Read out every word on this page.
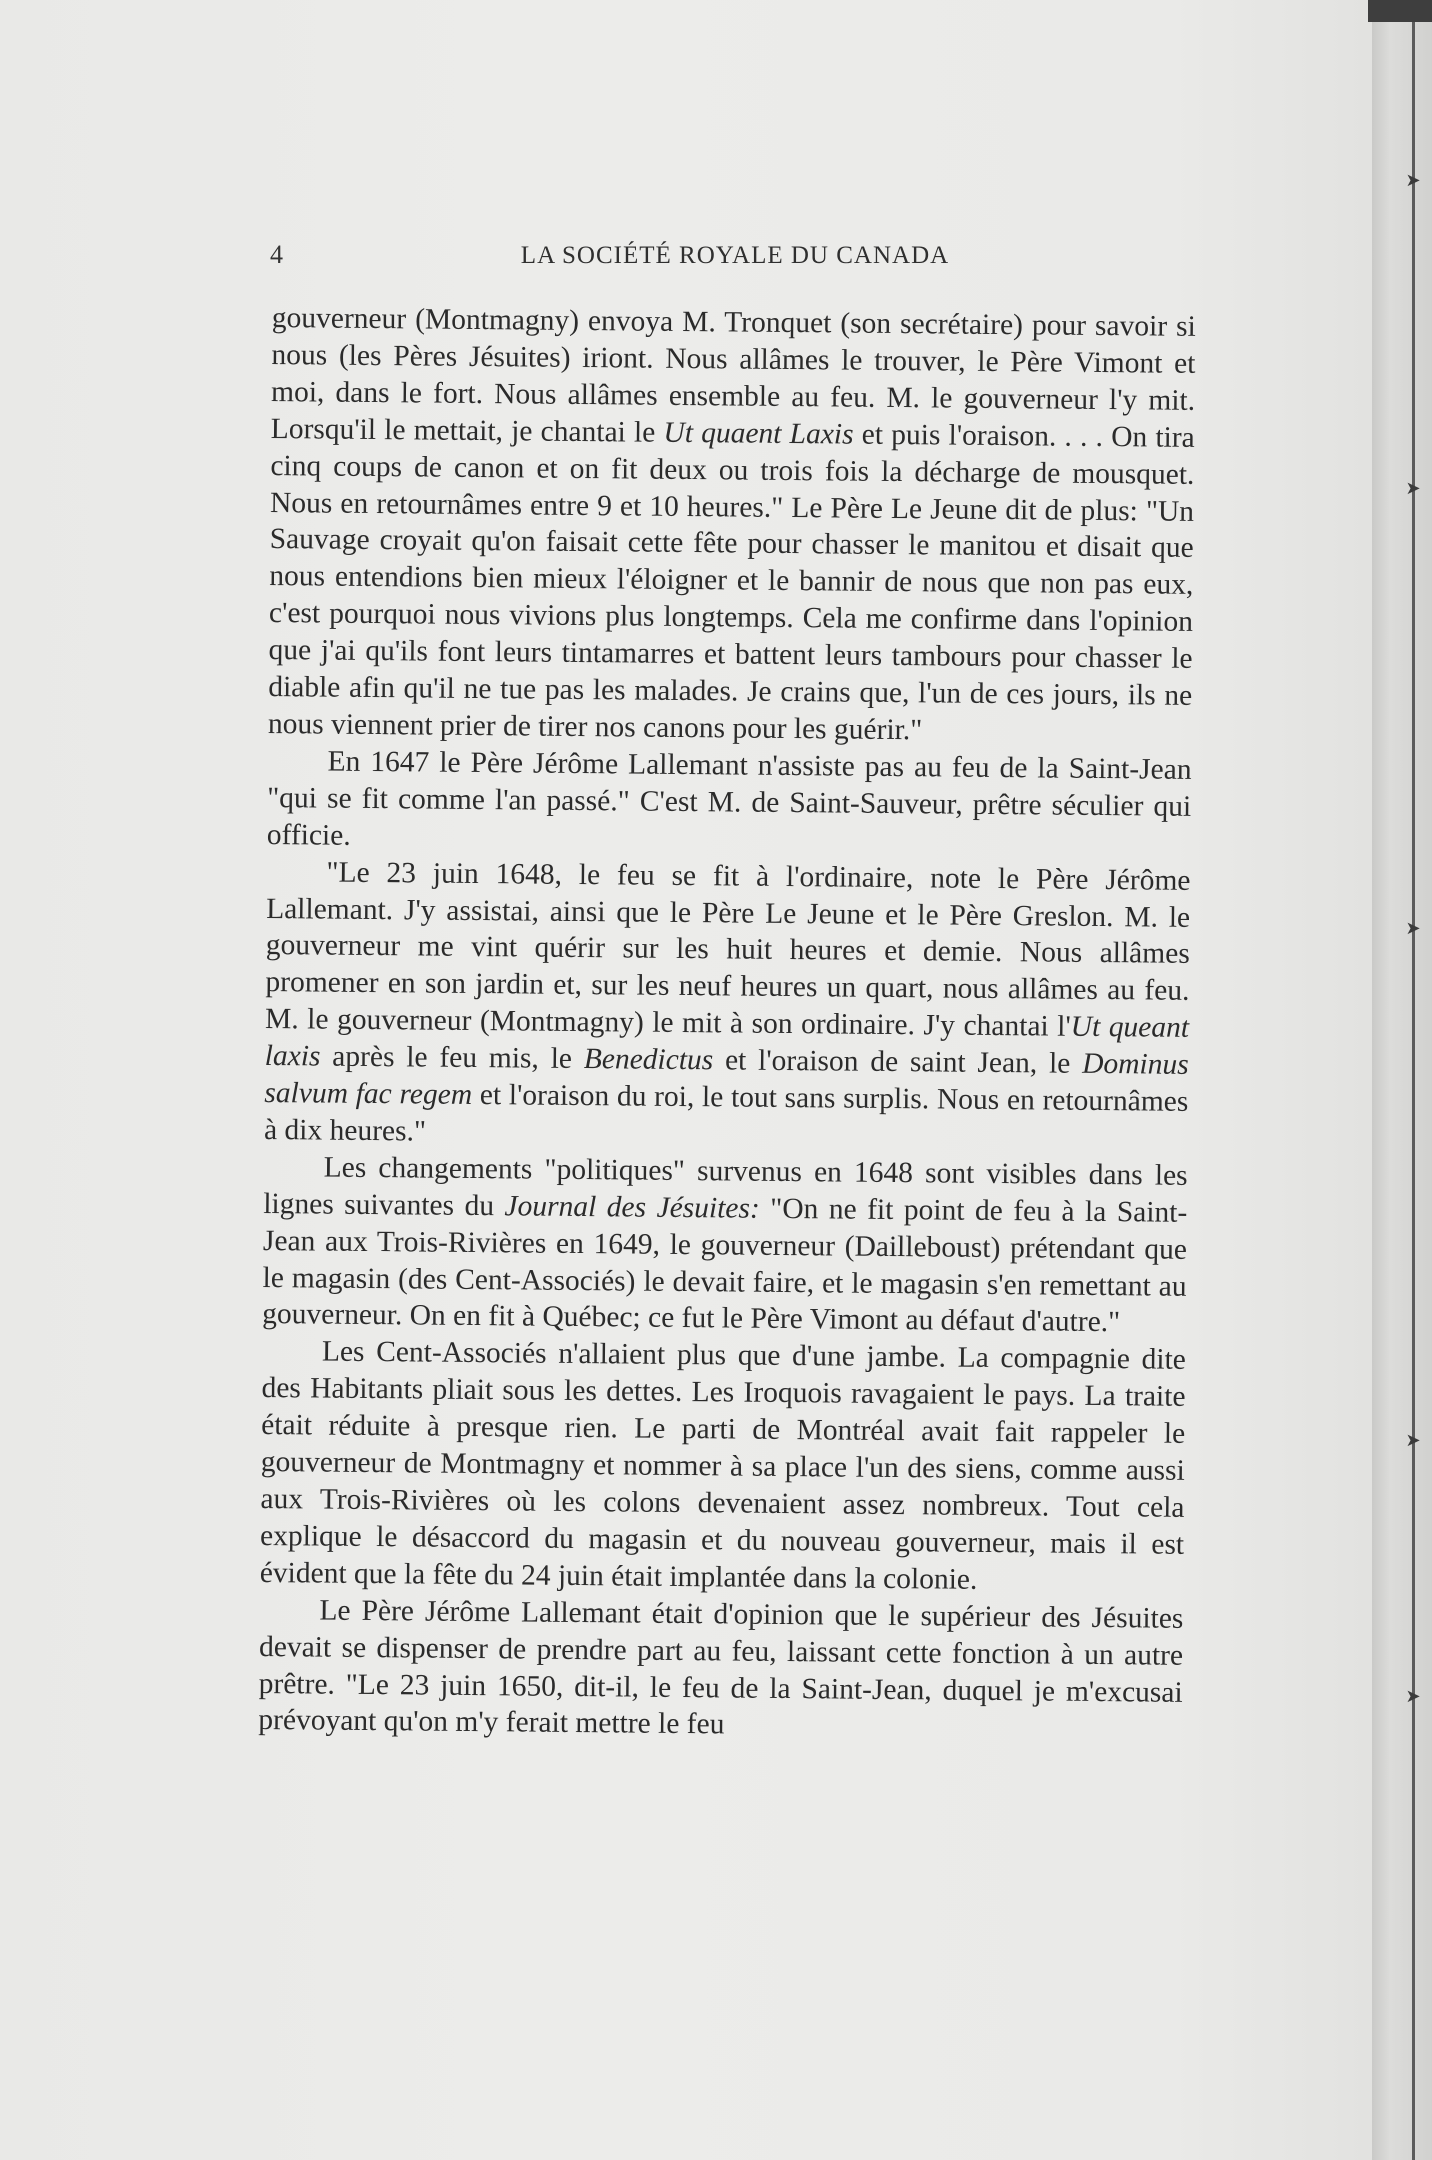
4	LA SOCIÉTÉ ROYALE DU CANADA

gouverneur (Montmagny) envoya M. Tronquet (son secrétaire) pour savoir si nous (les Pères Jésuites) iriont. Nous allâmes le trouver, le Père Vimont et moi, dans le fort. Nous allâmes ensemble au feu. M. le gouverneur l'y mit. Lorsqu'il le mettait, je chantai le Ut quaent Laxis et puis l'oraison. . . . On tira cinq coups de canon et on fit deux ou trois fois la décharge de mousquet. Nous en retournâmes entre 9 et 10 heures." Le Père Le Jeune dit de plus: "Un Sauvage croyait qu'on faisait cette fête pour chasser le manitou et disait que nous entendions bien mieux l'éloigner et le bannir de nous que non pas eux, c'est pourquoi nous vivions plus longtemps. Cela me confirme dans l'opinion que j'ai qu'ils font leurs tintamarres et battent leurs tambours pour chasser le diable afin qu'il ne tue pas les malades. Je crains que, l'un de ces jours, ils ne nous viennent prier de tirer nos canons pour les guérir."

En 1647 le Père Jérôme Lallemant n'assiste pas au feu de la Saint-Jean "qui se fit comme l'an passé." C'est M. de Saint-Sauveur, prêtre séculier qui officie.

"Le 23 juin 1648, le feu se fit à l'ordinaire, note le Père Jérôme Lallemant. J'y assistai, ainsi que le Père Le Jeune et le Père Greslon. M. le gouverneur me vint quérir sur les huit heures et demie. Nous allâmes promener en son jardin et, sur les neuf heures un quart, nous allâmes au feu. M. le gouverneur (Montmagny) le mit à son ordinaire. J'y chantai l'Ut queant laxis après le feu mis, le Benedictus et l'oraison de saint Jean, le Dominus salvum fac regem et l'oraison du roi, le tout sans surplis. Nous en retournâmes à dix heures."

Les changements "politiques" survenus en 1648 sont visibles dans les lignes suivantes du Journal des Jésuites: "On ne fit point de feu à la Saint-Jean aux Trois-Rivières en 1649, le gouverneur (Dailleboust) prétendant que le magasin (des Cent-Associés) le devait faire, et le magasin s'en remettant au gouverneur. On en fit à Québec; ce fut le Père Vimont au défaut d'autre."

Les Cent-Associés n'allaient plus que d'une jambe. La compagnie dite des Habitants pliait sous les dettes. Les Iroquois ravagaient le pays. La traite était réduite à presque rien. Le parti de Montréal avait fait rappeler le gouverneur de Montmagny et nommer à sa place l'un des siens, comme aussi aux Trois-Rivières où les colons devenaient assez nombreux. Tout cela explique le désaccord du magasin et du nouveau gouverneur, mais il est évident que la fête du 24 juin était implantée dans la colonie.

Le Père Jérôme Lallemant était d'opinion que le supérieur des Jésuites devait se dispenser de prendre part au feu, laissant cette fonction à un autre prêtre. "Le 23 juin 1650, dit-il, le feu de la Saint-Jean, duquel je m'excusai prévoyant qu'on m'y ferait mettre le feu

➤
➤
➤
➤
➤
